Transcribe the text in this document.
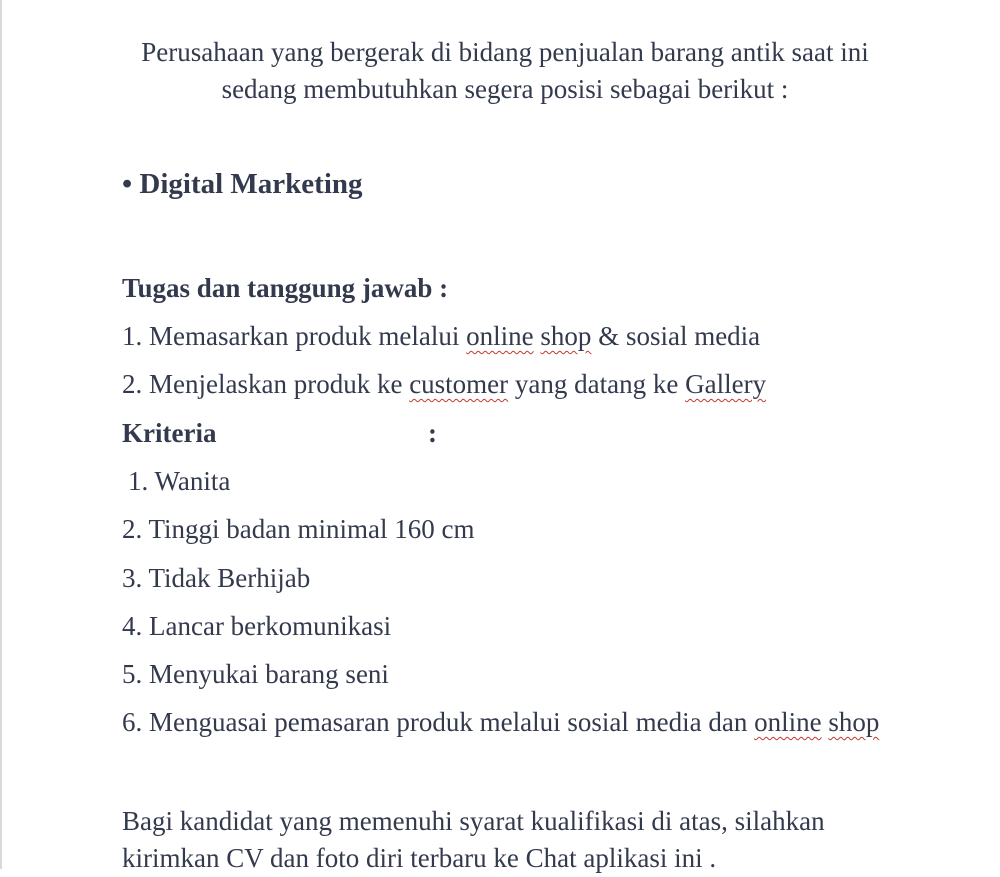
Perusahaan yang bergerak di bidang penjualan barang antik saat ini
sedang membutuhkan segera posisi sebagai berikut :
• Digital Marketing
Tugas dan tanggung jawab :
1. Memasarkan produk melalui online shop & sosial media
2. Menjelaskan produk ke customer yang datang ke Gallery
Kriteria	:
1. Wanita
2. Tinggi badan minimal 160 cm
3. Tidak Berhijab
4. Lancar berkomunikasi
5. Menyukai barang seni
6. Menguasai pemasaran produk melalui sosial media dan online shop
Bagi kandidat yang memenuhi syarat kualifikasi di atas, silahkan
kirimkan CV dan foto diri terbaru ke Chat aplikasi ini .
